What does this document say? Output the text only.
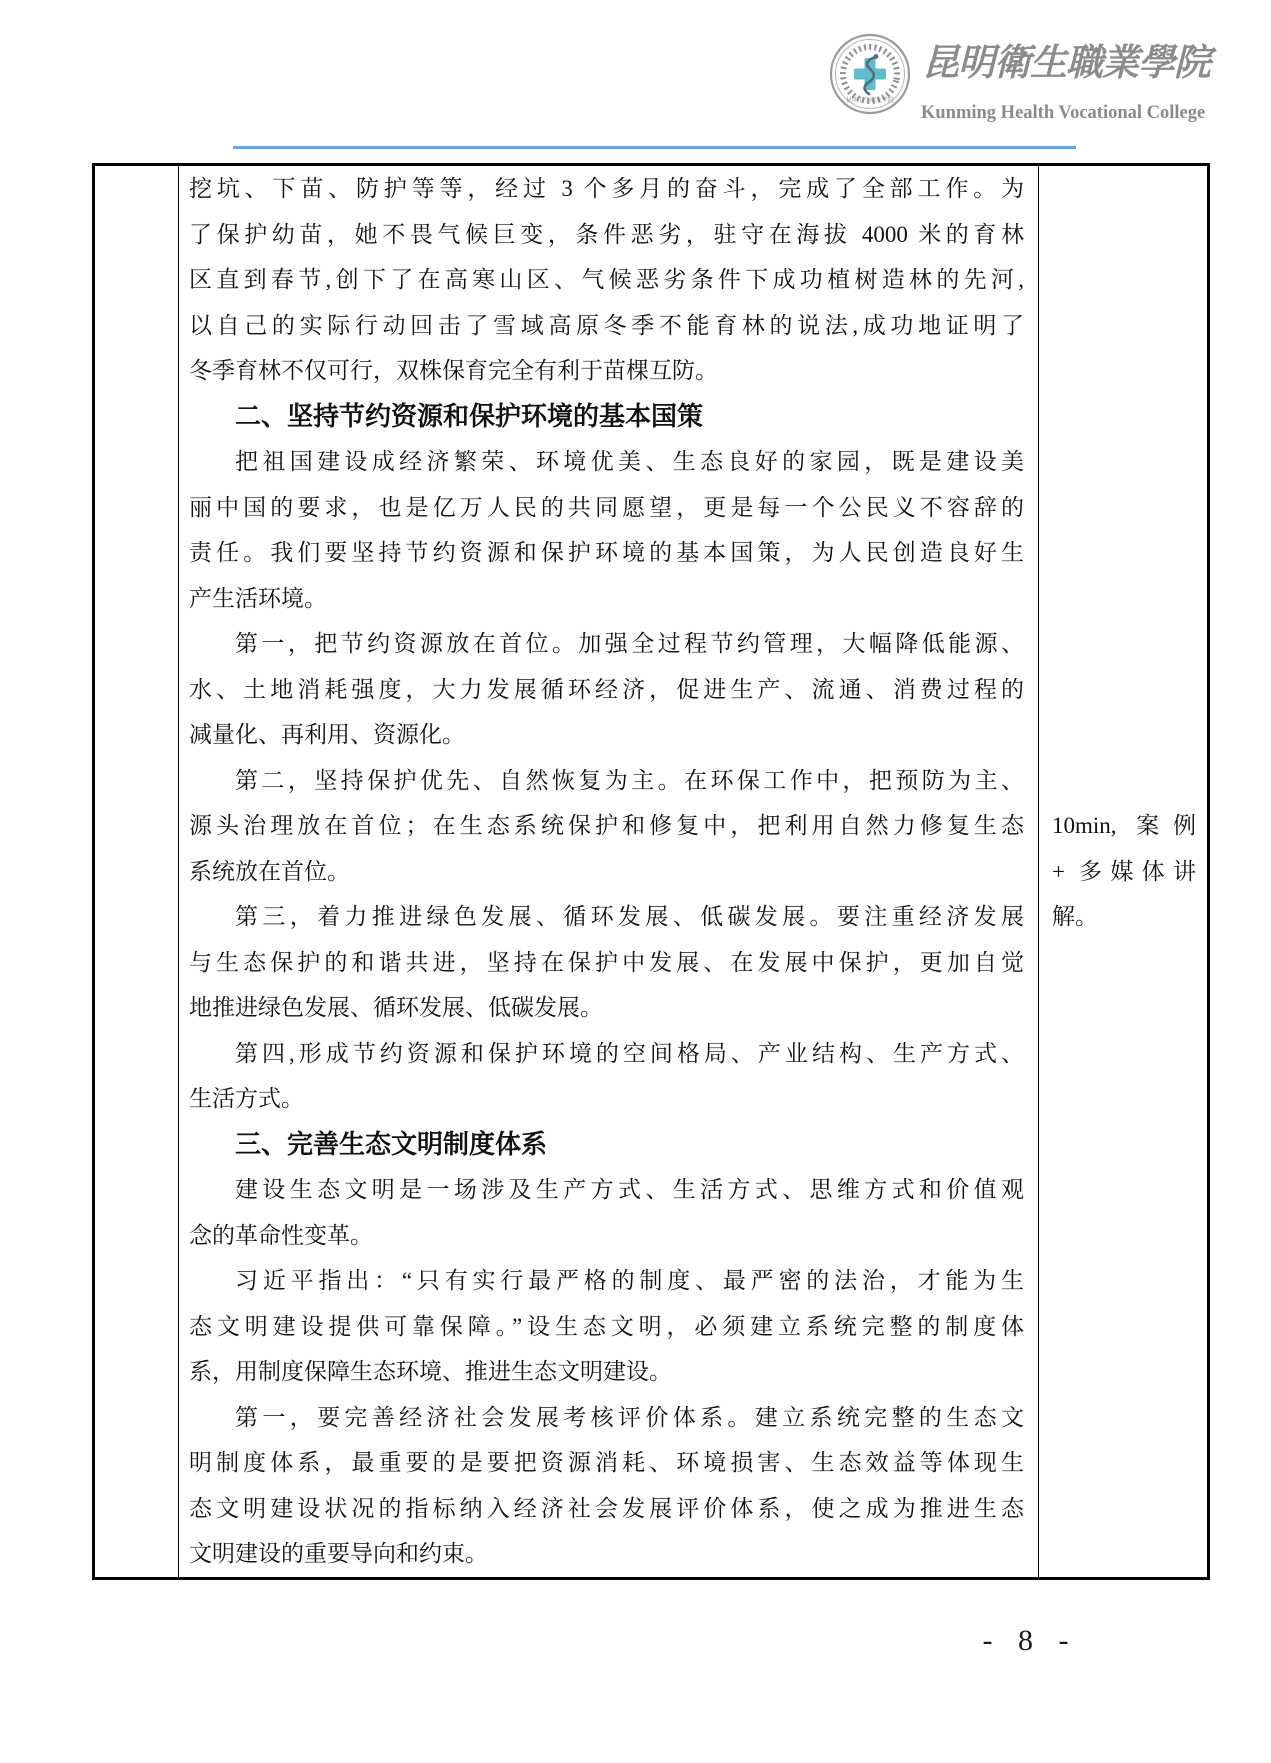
昆明卫生职业学院
昆明衛生職業學院
Kunming Health Vocational College
挖坑、下苗、防护等等，经过 3 个多月的奋斗，完成了全部工作。为
了保护幼苗，她不畏气候巨变，条件恶劣，驻守在海拔 4000 米的育林
区直到春节,创下了在高寒山区、气候恶劣条件下成功植树造林的先河,
以自己的实际行动回击了雪域高原冬季不能育林的说法,成功地证明了
冬季育林不仅可行，双株保育完全有利于苗棵互防。
二、坚持节约资源和保护环境的基本国策
把祖国建设成经济繁荣、环境优美、生态良好的家园，既是建设美
丽中国的要求，也是亿万人民的共同愿望，更是每一个公民义不容辞的
责任。我们要坚持节约资源和保护环境的基本国策，为人民创造良好生
产生活环境。
第一，把节约资源放在首位。加强全过程节约管理，大幅降低能源、
水、土地消耗强度，大力发展循环经济，促进生产、流通、消费过程的
减量化、再利用、资源化。
第二，坚持保护优先、自然恢复为主。在环保工作中，把预防为主、
源头治理放在首位；在生态系统保护和修复中，把利用自然力修复生态
系统放在首位。
第三，着力推进绿色发展、循环发展、低碳发展。要注重经济发展
与生态保护的和谐共进，坚持在保护中发展、在发展中保护，更加自觉
地推进绿色发展、循环发展、低碳发展。
第四,形成节约资源和保护环境的空间格局、产业结构、生产方式、
生活方式。
三、完善生态文明制度体系
建设生态文明是一场涉及生产方式、生活方式、思维方式和价值观
念的革命性变革。
习近平指出：“只有实行最严格的制度、最严密的法治，才能为生
态文明建设提供可靠保障。”设生态文明，必须建立系统完整的制度体
系，用制度保障生态环境、推进生态文明建设。
第一，要完善经济社会发展考核评价体系。建立系统完整的生态文
明制度体系，最重要的是要把资源消耗、环境损害、生态效益等体现生
态文明建设状况的指标纳入经济社会发展评价体系，使之成为推进生态
文明建设的重要导向和约束。
10min, 案例
+ 多媒体讲
解。
- 8 -
